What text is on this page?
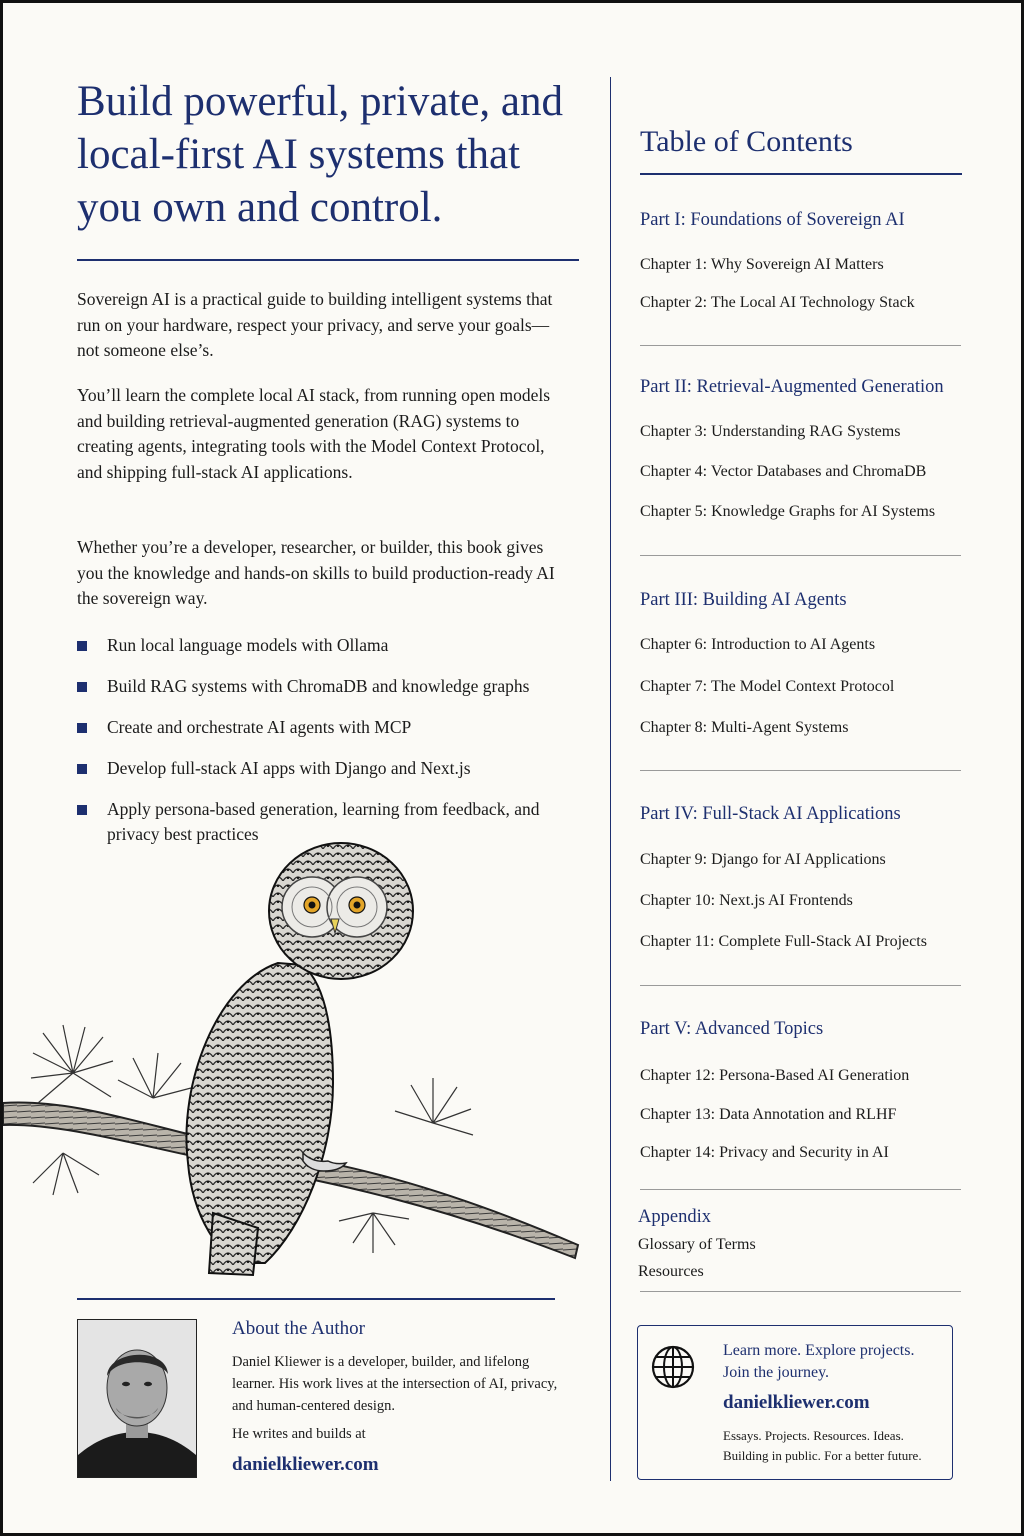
Build powerful, private, and local-first AI systems that you own and control.

Sovereign AI is a practical guide to building intelligent systems that run on your hardware, respect your privacy, and serve your goals—not someone else’s.

You’ll learn the complete local AI stack, from running open models and building retrieval-augmented generation (RAG) systems to creating agents, integrating tools with the Model Context Protocol, and shipping full-stack AI applications.

Whether you’re a developer, researcher, or builder, this book gives you the knowledge and hands-on skills to build production-ready AI the sovereign way.

Run local language models with Ollama
Build RAG systems with ChromaDB and knowledge graphs
Create and orchestrate AI agents with MCP
Develop full-stack AI apps with Django and Next.js
Apply persona-based generation, learning from feedback, and privacy best practices
About the Author

Daniel Kliewer is a developer, builder, and lifelong learner. His work lives at the intersection of AI, privacy, and human-centered design.

He writes and builds at

danielkliewer.com

Table of Contents

Part I: Foundations of Sovereign AI

Chapter 1: Why Sovereign AI Matters

Chapter 2: The Local AI Technology Stack

Part II: Retrieval-Augmented Generation

Chapter 3: Understanding RAG Systems

Chapter 4: Vector Databases and ChromaDB

Chapter 5: Knowledge Graphs for AI Systems

Part III: Building AI Agents

Chapter 6: Introduction to AI Agents

Chapter 7: The Model Context Protocol

Chapter 8: Multi-Agent Systems

Part IV: Full-Stack AI Applications

Chapter 9: Django for AI Applications

Chapter 10: Next.js AI Frontends

Chapter 11: Complete Full-Stack AI Projects

Part V: Advanced Topics

Chapter 12: Persona-Based AI Generation

Chapter 13: Data Annotation and RLHF

Chapter 14: Privacy and Security in AI

Appendix

Glossary of Terms

Resources

Learn more. Explore projects. Join the journey.

danielkliewer.com

Essays. Projects. Resources. Ideas. Building in public. For a better future.
